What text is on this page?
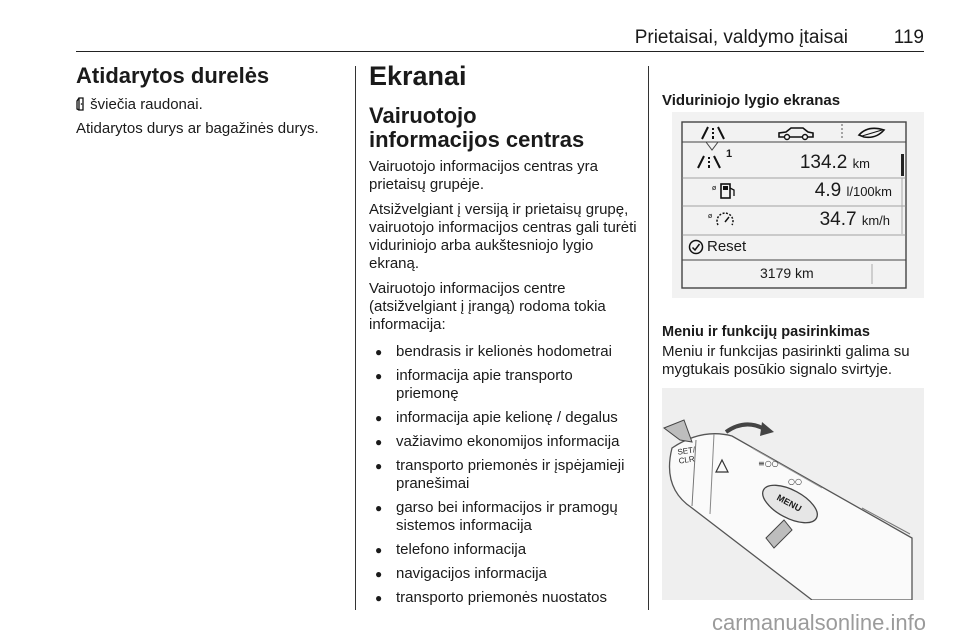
Prietaisai, valdymo įtaisai 119
Atidarytos durelės
šviečia raudonai.
Atidarytos durys ar bagažinės durys.
Ekranai
Vairuotojo informacijos centras
Vairuotojo informacijos centras yra prietaisų grupėje.
Atsižvelgiant į versiją ir prietaisų grupę, vairuotojo informacijos centras gali turėti viduriniojo arba aukštesniojo lygio ekraną.
Vairuotojo informacijos centre (atsižvelgiant į įrangą) rodoma tokia informacija:
● bendrasis ir kelionės hodometrai
● informacija apie transporto priemonę
● informacija apie kelionę / degalus
● važiavimo ekonomijos informacija
● transporto priemonės ir įspėjamieji pranešimai
● garso bei informacijos ir pramogų sistemos informacija
● telefono informacija
● navigacijos informacija
● transporto priemonės nuostatos
Viduriniojo lygio ekranas
1	134.2 km
ø	4.9 l/100km
ø	34.7 km/h
Reset
3179 km
Meniu ir funkcijų pasirinkimas
Meniu ir funkcijas pasirinkti galima su mygtukais posūkio signalo svirtyje.
SET/ CLR
MENU
≡○○
○○
carmanualsonline.info
